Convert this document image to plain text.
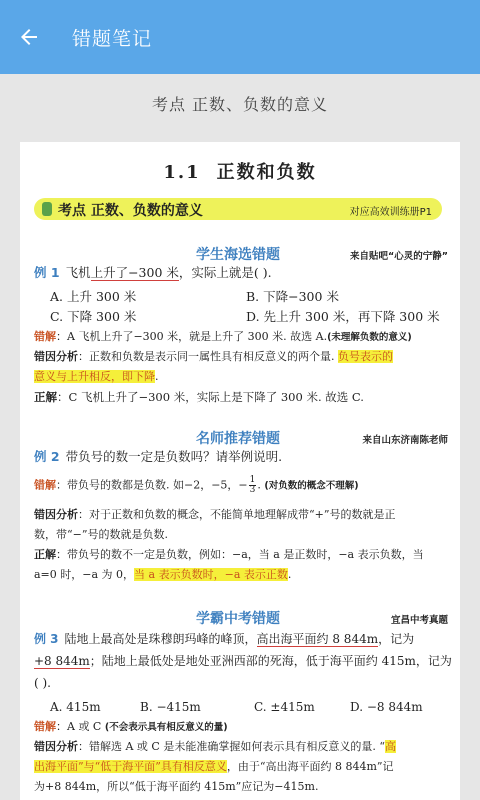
错题笔记
考点 正数、负数的意义
1.1 正数和负数
考点 正数、负数的意义	对应高效训练册P1
学生海选错题	来自贴吧“心灵的宁静”
例 1 飞机上升了−300 米，实际上就是( ).
A. 上升 300 米	B. 下降−300 米
C. 下降 300 米	D. 先上升 300 米，再下降 300 米
错解：A 飞机上升了−300 米，就是上升了 300 米. 故选 A.(未理解负数的意义)
错因分析：正数和负数是表示同一属性具有相反意义的两个量. 负号表示的
意义与上升相反，即下降.
正解：C 飞机上升了−300 米，实际上是下降了 300 米. 故选 C.
名师推荐错题	来自山东济南陈老师
例 2 带负号的数一定是负数吗？请举例说明.
错解：带负号的数都是负数. 如−2，−5，− $\frac{1}{3}$ . (对负数的概念不理解)
错因分析：对于正数和负数的概念，不能简单地理解成带“+”号的数就是正
数，带“−”号的数就是负数.
正解：带负号的数不一定是负数，例如：−a，当 a 是正数时，−a 表示负数，当
a=0 时，−a 为 0，当 a 表示负数时，−a 表示正数.
学霸中考错题	宜昌中考真题
例 3 陆地上最高处是珠穆朗玛峰的峰顶，高出海平面约 8 844m，记为
+8 844m；陆地上最低处是地处亚洲西部的死海，低于海平面约 415m，记为
( ).
A. 415m	B. −415m	C. ±415m	D. −8 844m
错解：A 或 C (不会表示具有相反意义的量)
错因分析：错解选 A 或 C 是未能准确掌握如何表示具有相反意义的量. “高
出海平面”与“低于海平面”具有相反意义，由于“高出海平面约 8 844m”记
为+8 844m，所以“低于海平面约 415m”应记为−415m.
